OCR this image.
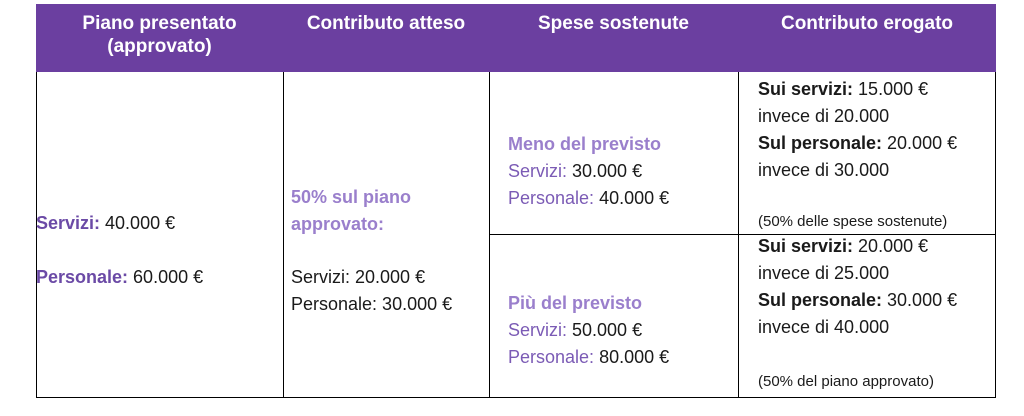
Piano presentato
(approvato)
Contributo atteso	Spese sostenute	Contributo erogato
Servizi: 40.000 €
Personale: 60.000 €
50% sul piano
approvato:
Servizi: 20.000 €
Personale: 30.000 €
Meno del previsto
Servizi: 30.000 €
Personale: 40.000 €
Più del previsto
Servizi: 50.000 €
Personale: 80.000 €
Sui servizi: 15.000 €
invece di 20.000
Sul personale: 20.000 €
invece di 30.000
(50% delle spese sostenute)
Sui servizi: 20.000 €
invece di 25.000
Sul personale: 30.000 €
invece di 40.000
(50% del piano approvato)
